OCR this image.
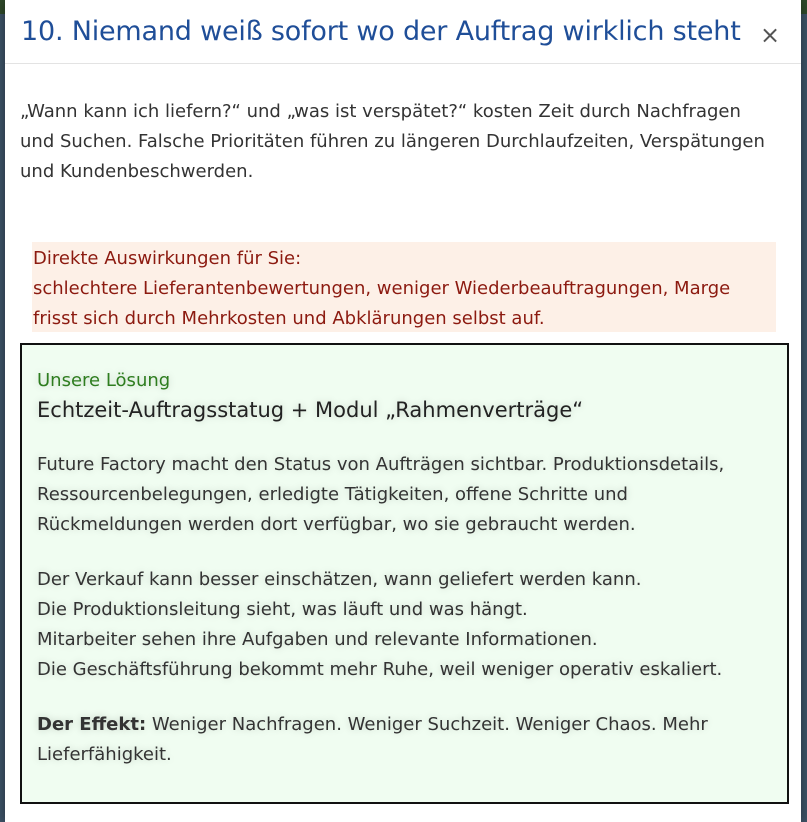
10. Niemand weiß sofort wo der Auftrag wirklich steht ×

„Wann kann ich liefern?“ und „was ist verspätet?“ kosten Zeit durch Nachfragen und Suchen. Falsche Prioritäten führen zu längeren Durchlaufzeiten, Verspätungen und Kundenbeschwerden.

Direkte Auswirkungen für Sie:

schlechtere Lieferantenbewertungen, weniger Wiederbeauftragungen, Marge frisst sich durch Mehrkosten und Abklärungen selbst auf.

Unsere Lösung

Echtzeit-Auftragsstatug + Modul „Rahmenverträge“

Future Factory macht den Status von Aufträgen sichtbar. Produktionsdetails, Ressourcenbelegungen, erledigte Tätigkeiten, offene Schritte und Rückmeldungen werden dort verfügbar, wo sie gebraucht werden.

Der Verkauf kann besser einschätzen, wann geliefert werden kann.
Die Produktionsleitung sieht, was läuft und was hängt.
Mitarbeiter sehen ihre Aufgaben und relevante Informationen.
Die Geschäftsführung bekommt mehr Ruhe, weil weniger operativ eskaliert.

Der Effekt: Weniger Nachfragen. Weniger Suchzeit. Weniger Chaos. Mehr Lieferfähigkeit.
